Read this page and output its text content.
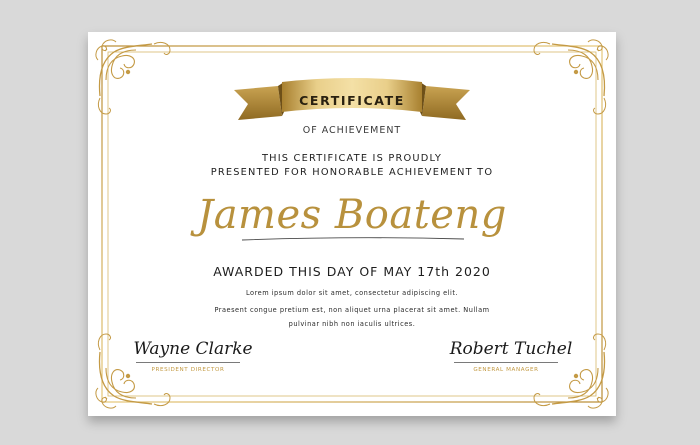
CERTIFICATE
OF ACHIEVEMENT
THIS CERTIFICATE IS PROUDLY
PRESENTED FOR HONORABLE ACHIEVEMENT TO
James Boateng
AWARDED THIS DAY OF MAY 17th 2020
Lorem ipsum dolor sit amet, consectetur adipiscing elit.
Praesent congue pretium est, non aliquet urna placerat sit amet. Nullam
pulvinar nibh non iaculis ultrices.
Wayne Clarke
PRESIDENT DIRECTOR
Robert Tuchel
GENERAL MANAGER
